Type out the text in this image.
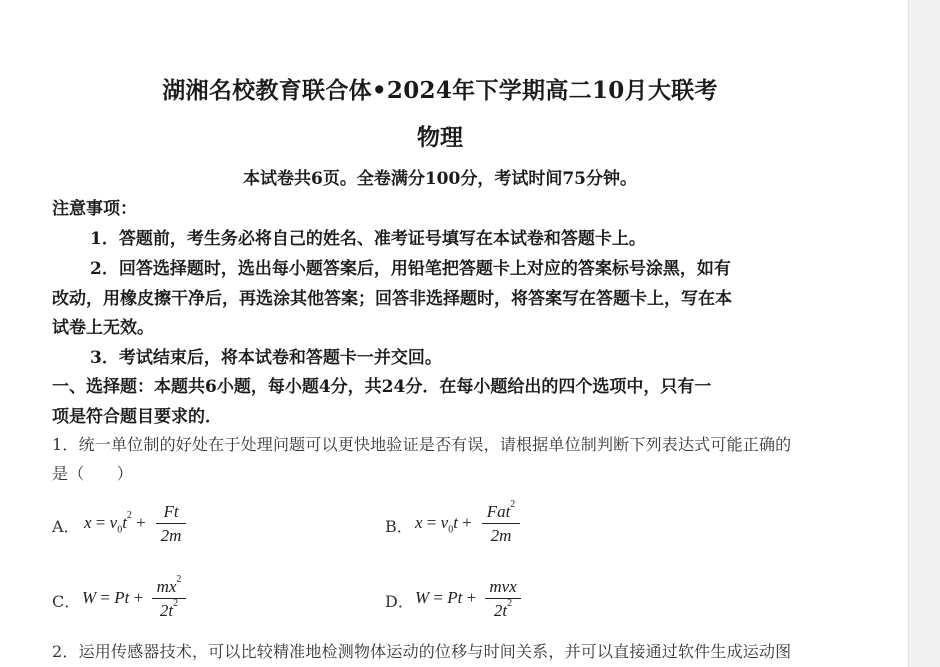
湖湘名校教育联合体•2024年下学期高二10月大联考
物理
本试卷共6页。全卷满分100分，考试时间75分钟。
注意事项：
1．答题前，考生务必将自己的姓名、准考证号填写在本试卷和答题卡上。
2．回答选择题时，选出每小题答案后，用铅笔把答题卡上对应的答案标号涂黑，如有
改动，用橡皮擦干净后，再选涂其他答案；回答非选择题时，将答案写在答题卡上，写在本
试卷上无效。
3．考试结束后，将本试卷和答题卡一并交回。
一、选择题：本题共6小题，每小题4分，共24分．在每小题给出的四个选项中，只有一
项是符合题目要求的．
1．统一单位制的好处在于处理问题可以更快地验证是否有误，请根据单位制判断下列表达式可能正确的
是（　　）
A． $x = v_0t^2$ +
Ft
2m	B． $x = v_0t$ +
Fat$^2$
2m
C． W = Pt +
$mx^2$
$2t^2$	D． W = Pt +
mvx
$2t^2$
2．运用传感器技术，可以比较精准地检测物体运动的位移与时间关系，并可以直接通过软件生成运动图
